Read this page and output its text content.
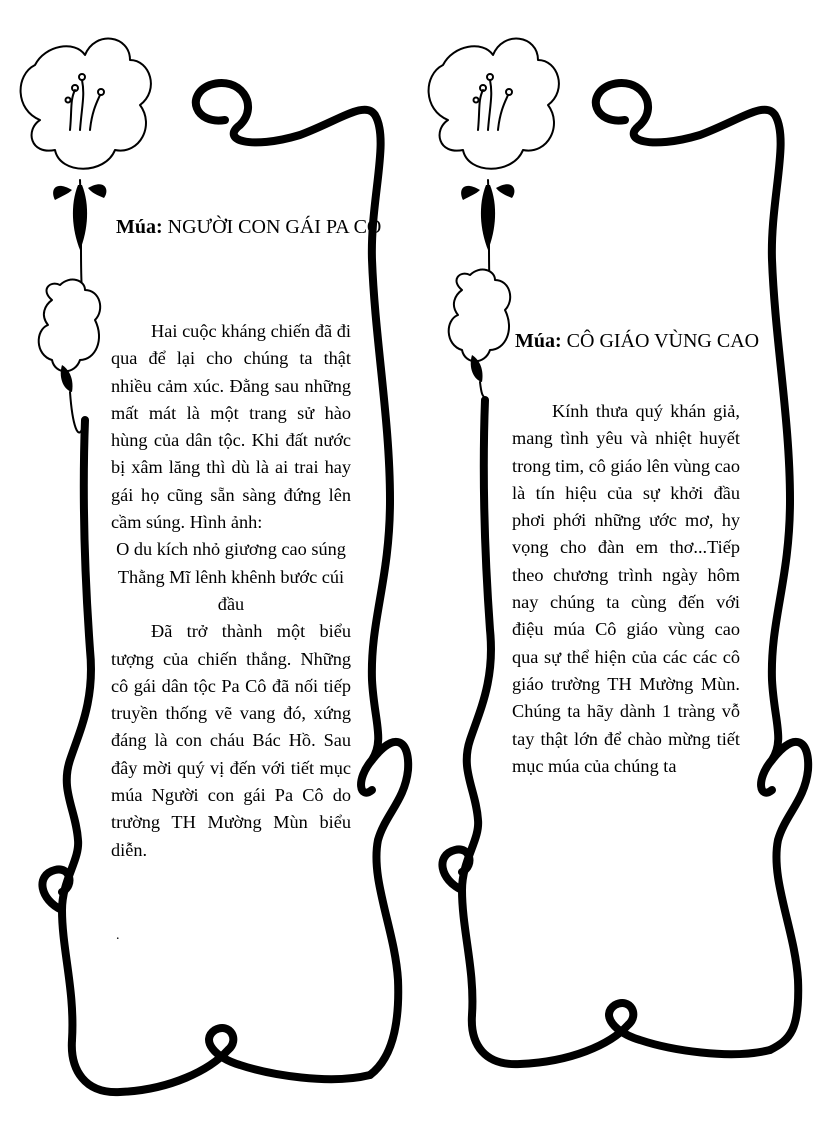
Múa: NGƯỜI CON GÁI PA CÔ

Hai cuộc kháng chiến đã đi qua để lại cho chúng ta thật nhiều cảm xúc. Đằng sau những mất mát là một trang sử hào hùng của dân tộc. Khi đất nước bị xâm lăng thì dù là ai trai hay gái họ cũng sẵn sàng đứng lên cầm súng. Hình ảnh:

O du kích nhỏ giương cao súng

Thằng Mĩ lênh khênh bước cúi đầu

Đã trở thành một biểu tượng của chiến thắng. Những cô gái dân tộc Pa Cô đã nối tiếp truyền thống vẽ vang đó, xứng đáng là con cháu Bác Hồ. Sau đây mời quý vị đến với tiết mục múa Người con gái Pa Cô do trường TH Mường Mùn biểu diễn.

.
Múa: CÔ GIÁO VÙNG CAO

Kính thưa quý khán giả, mang tình yêu và nhiệt huyết trong tim, cô giáo lên vùng cao là tín hiệu của sự khởi đầu phơi phới những ước mơ, hy vọng cho đàn em thơ...Tiếp theo chương trình ngày hôm nay chúng ta cùng đến với điệu múa Cô giáo vùng cao qua sự thể hiện của các các cô giáo trường TH Mường Mùn. Chúng ta hãy dành 1 tràng vỗ tay thật lớn để chào mừng tiết mục múa của chúng ta
